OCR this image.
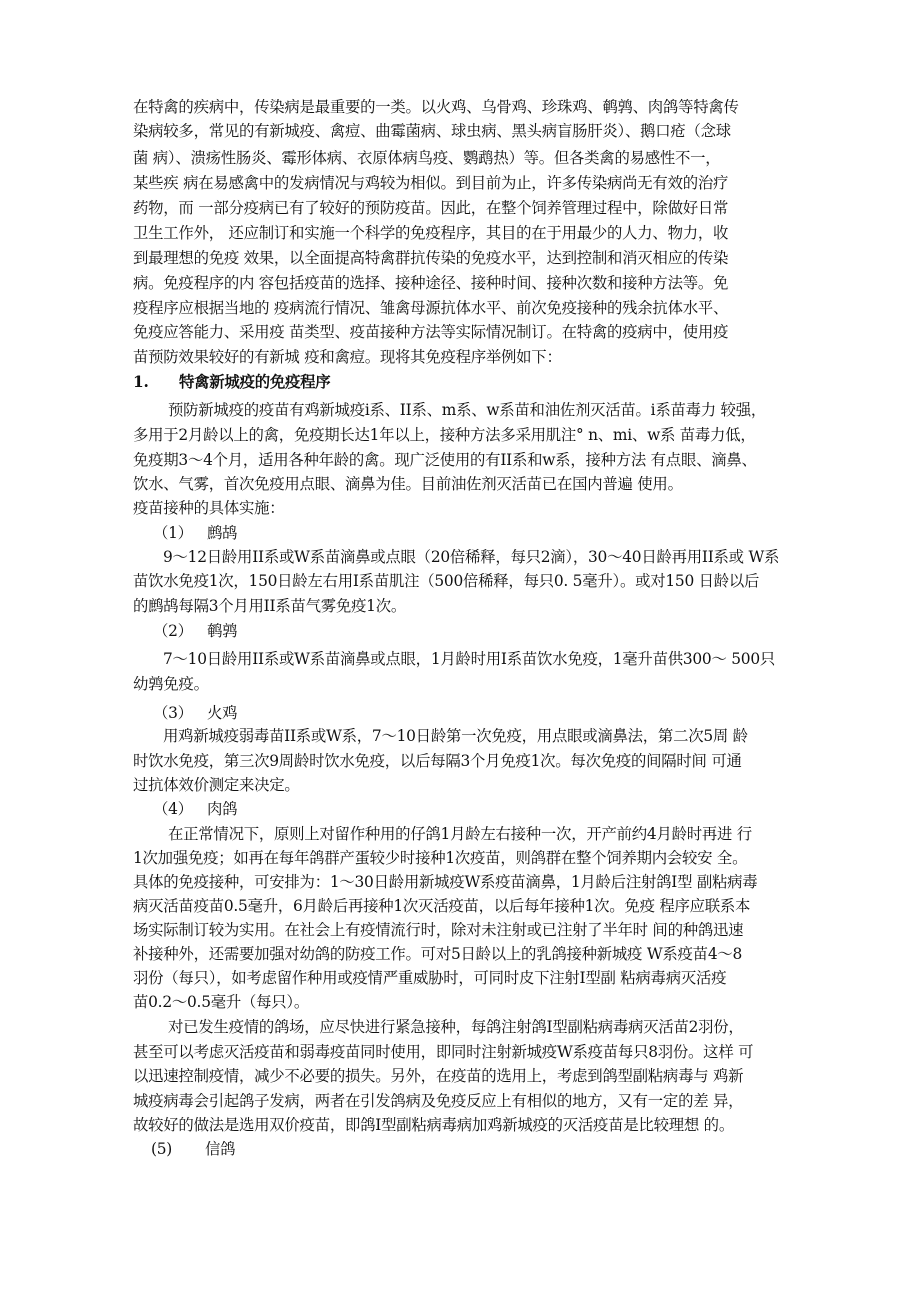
在特禽的疾病中，传染病是最重要的一类。以火鸡、乌骨鸡、珍珠鸡、鹌鹑、肉鸽等特禽传
染病较多，常见的有新城疫、禽痘、曲霉菌病、球虫病、黑头病盲肠肝炎）、鹅口疮（念球
菌 病）、溃疡性肠炎、霉形体病、衣原体病鸟疫、鹦鹉热）等。但各类禽的易感性不一，
某些疾 病在易感禽中的发病情况与鸡较为相似。到目前为止，许多传染病尚无有效的治疗
药物，而 一部分疫病已有了较好的预防疫苗。因此，在整个饲养管理过程中，除做好日常
卫生工作外， 还应制订和实施一个科学的免疫程序，其目的在于用最少的人力、物力，收
到最理想的免疫 效果，以全面提高特禽群抗传染的免疫水平，达到控制和消灭相应的传染
病。免疫程序的内 容包括疫苗的选择、接种途径、接种时间、接种次数和接种方法等。免
疫程序应根据当地的 疫病流行情况、雏禽母源抗体水平、前次免疫接种的残余抗体水平、
免疫应答能力、采用疫 苗类型、疫苗接种方法等实际情况制订。在特禽的疫病中，使用疫
苗预防效果较好的有新城 疫和禽痘。现将其免疫程序举例如下：
1. 特禽新城疫的免疫程序
预防新城疫的疫苗有鸡新城疫i系、II系、m系、w系苗和油佐剂灭活苗。i系苗毒力 较强，
多用于2月龄以上的禽，免疫期长达1年以上，接种方法多采用肌注° n、mi、w系 苗毒力低，
免疫期3～4个月，适用各种年龄的禽。现广泛使用的有II系和w系，接种方法 有点眼、滴鼻、
饮水、气雾，首次免疫用点眼、滴鼻为佳。目前油佐剂灭活苗已在国内普遍 使用。
疫苗接种的具体实施：
（1） 鹧鸪
9～12日龄用II系或W系苗滴鼻或点眼（20倍稀释，每只2滴），30～40日龄再用II系或 W系
苗饮水免疫1次，150日龄左右用I系苗肌注（500倍稀释，每只0. 5毫升）。或对150 日龄以后
的鹧鸪每隔3个月用II系苗气雾免疫1次。
（2） 鹌鹑
7～10日龄用II系或W系苗滴鼻或点眼，1月龄时用I系苗饮水免疫，1毫升苗供300～ 500只
幼鹑免疫。
（3） 火鸡
用鸡新城疫弱毒苗II系或W系，7～10日龄第一次免疫，用点眼或滴鼻法，第二次5周 龄
时饮水免疫，第三次9周龄时饮水免疫，以后每隔3个月免疫1次。每次免疫的间隔时间 可通
过抗体效价测定来决定。
（4） 肉鸽
在正常情况下，原则上对留作种用的仔鸽1月龄左右接种一次，开产前约4月龄时再进 行
1次加强免疫；如再在每年鸽群产蛋较少时接种1次疫苗，则鸽群在整个饲养期内会较安 全。
具体的免疫接种，可安排为：1～30日龄用新城疫W系疫苗滴鼻，1月龄后注射鸽I型 副粘病毒
病灭活苗疫苗0.5毫升，6月龄后再接种1次灭活疫苗，以后每年接种1次。免疫 程序应联系本
场实际制订较为实用。在社会上有疫情流行时，除对未注射或已注射了半年时 间的种鸽迅速
补接种外，还需要加强对幼鸽的防疫工作。可对5日龄以上的乳鸽接种新城疫 W系疫苗4～8
羽份（每只），如考虑留作种用或疫情严重威胁时，可同时皮下注射I型副 粘病毒病灭活疫
苗0.2～0.5毫升（每只）。
对已发生疫情的鸽场，应尽快进行紧急接种，每鸽注射鸽I型副粘病毒病灭活苗2羽份，
甚至可以考虑灭活疫苗和弱毒疫苗同时使用，即同时注射新城疫W系疫苗每只8羽份。这样 可
以迅速控制疫情，减少不必要的损失。另外，在疫苗的选用上，考虑到鸽型副粘病毒与 鸡新
城疫病毒会引起鸽子发病，两者在引发鸽病及免疫反应上有相似的地方，又有一定的差 异，
故较好的做法是选用双价疫苗，即鸽I型副粘病毒病加鸡新城疫的灭活疫苗是比较理想 的。
(5) 信鸽
